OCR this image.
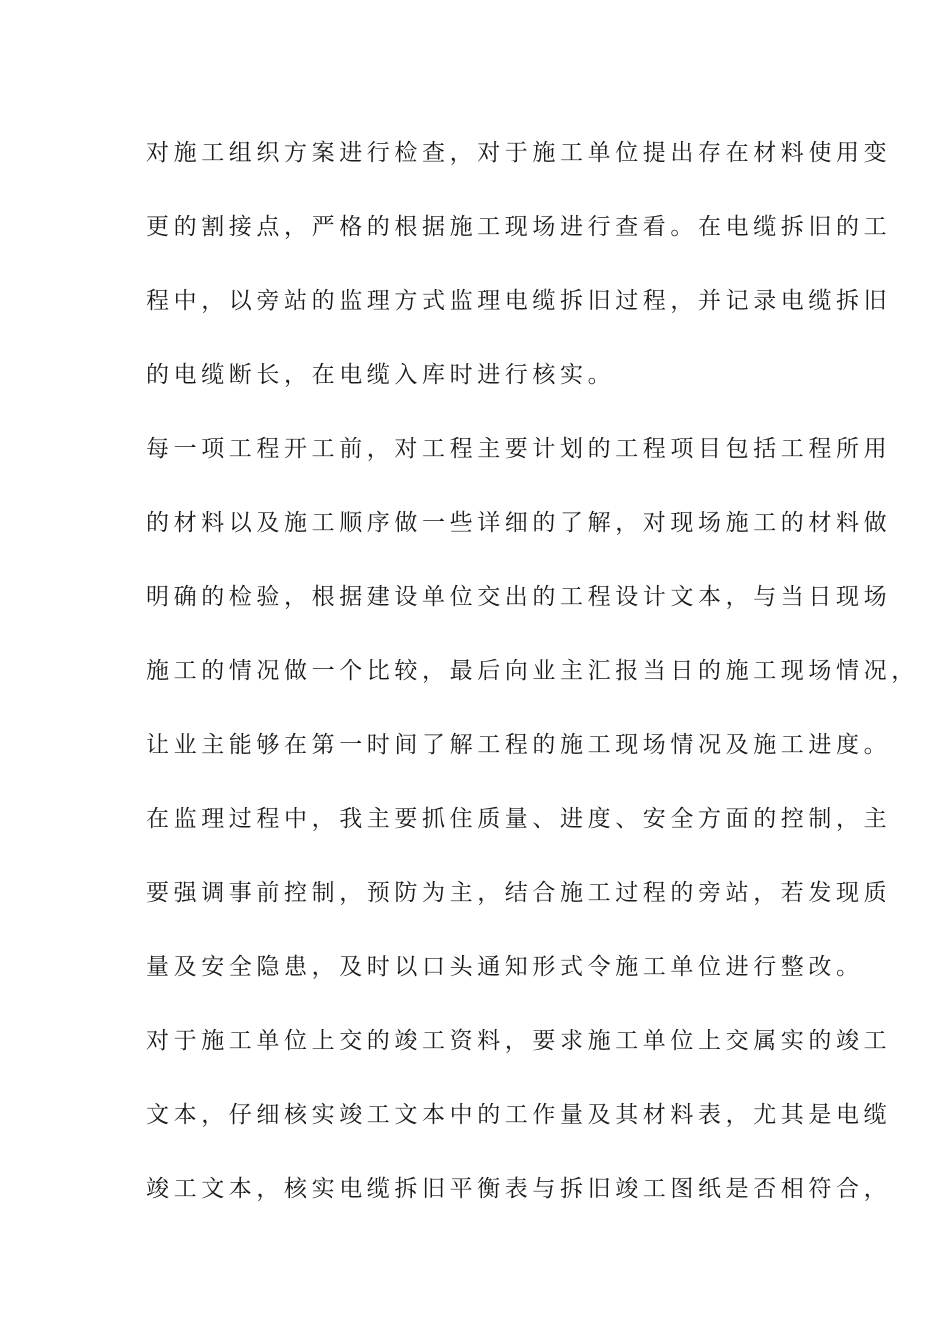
对施工组织方案进行检查，对于施工单位提出存在材料使用变
更的割接点，严格的根据施工现场进行查看。在电缆拆旧的工
程中，以旁站的监理方式监理电缆拆旧过程，并记录电缆拆旧
的电缆断长，在电缆入库时进行核实。
每一项工程开工前，对工程主要计划的工程项目包括工程所用
的材料以及施工顺序做一些详细的了解，对现场施工的材料做
明确的检验，根据建设单位交出的工程设计文本，与当日现场
施工的情况做一个比较，最后向业主汇报当日的施工现场情况，
让业主能够在第一时间了解工程的施工现场情况及施工进度。
在监理过程中，我主要抓住质量、进度、安全方面的控制，主
要强调事前控制，预防为主，结合施工过程的旁站，若发现质
量及安全隐患，及时以口头通知形式令施工单位进行整改。
对于施工单位上交的竣工资料，要求施工单位上交属实的竣工
文本，仔细核实竣工文本中的工作量及其材料表，尤其是电缆
竣工文本，核实电缆拆旧平衡表与拆旧竣工图纸是否相符合，
